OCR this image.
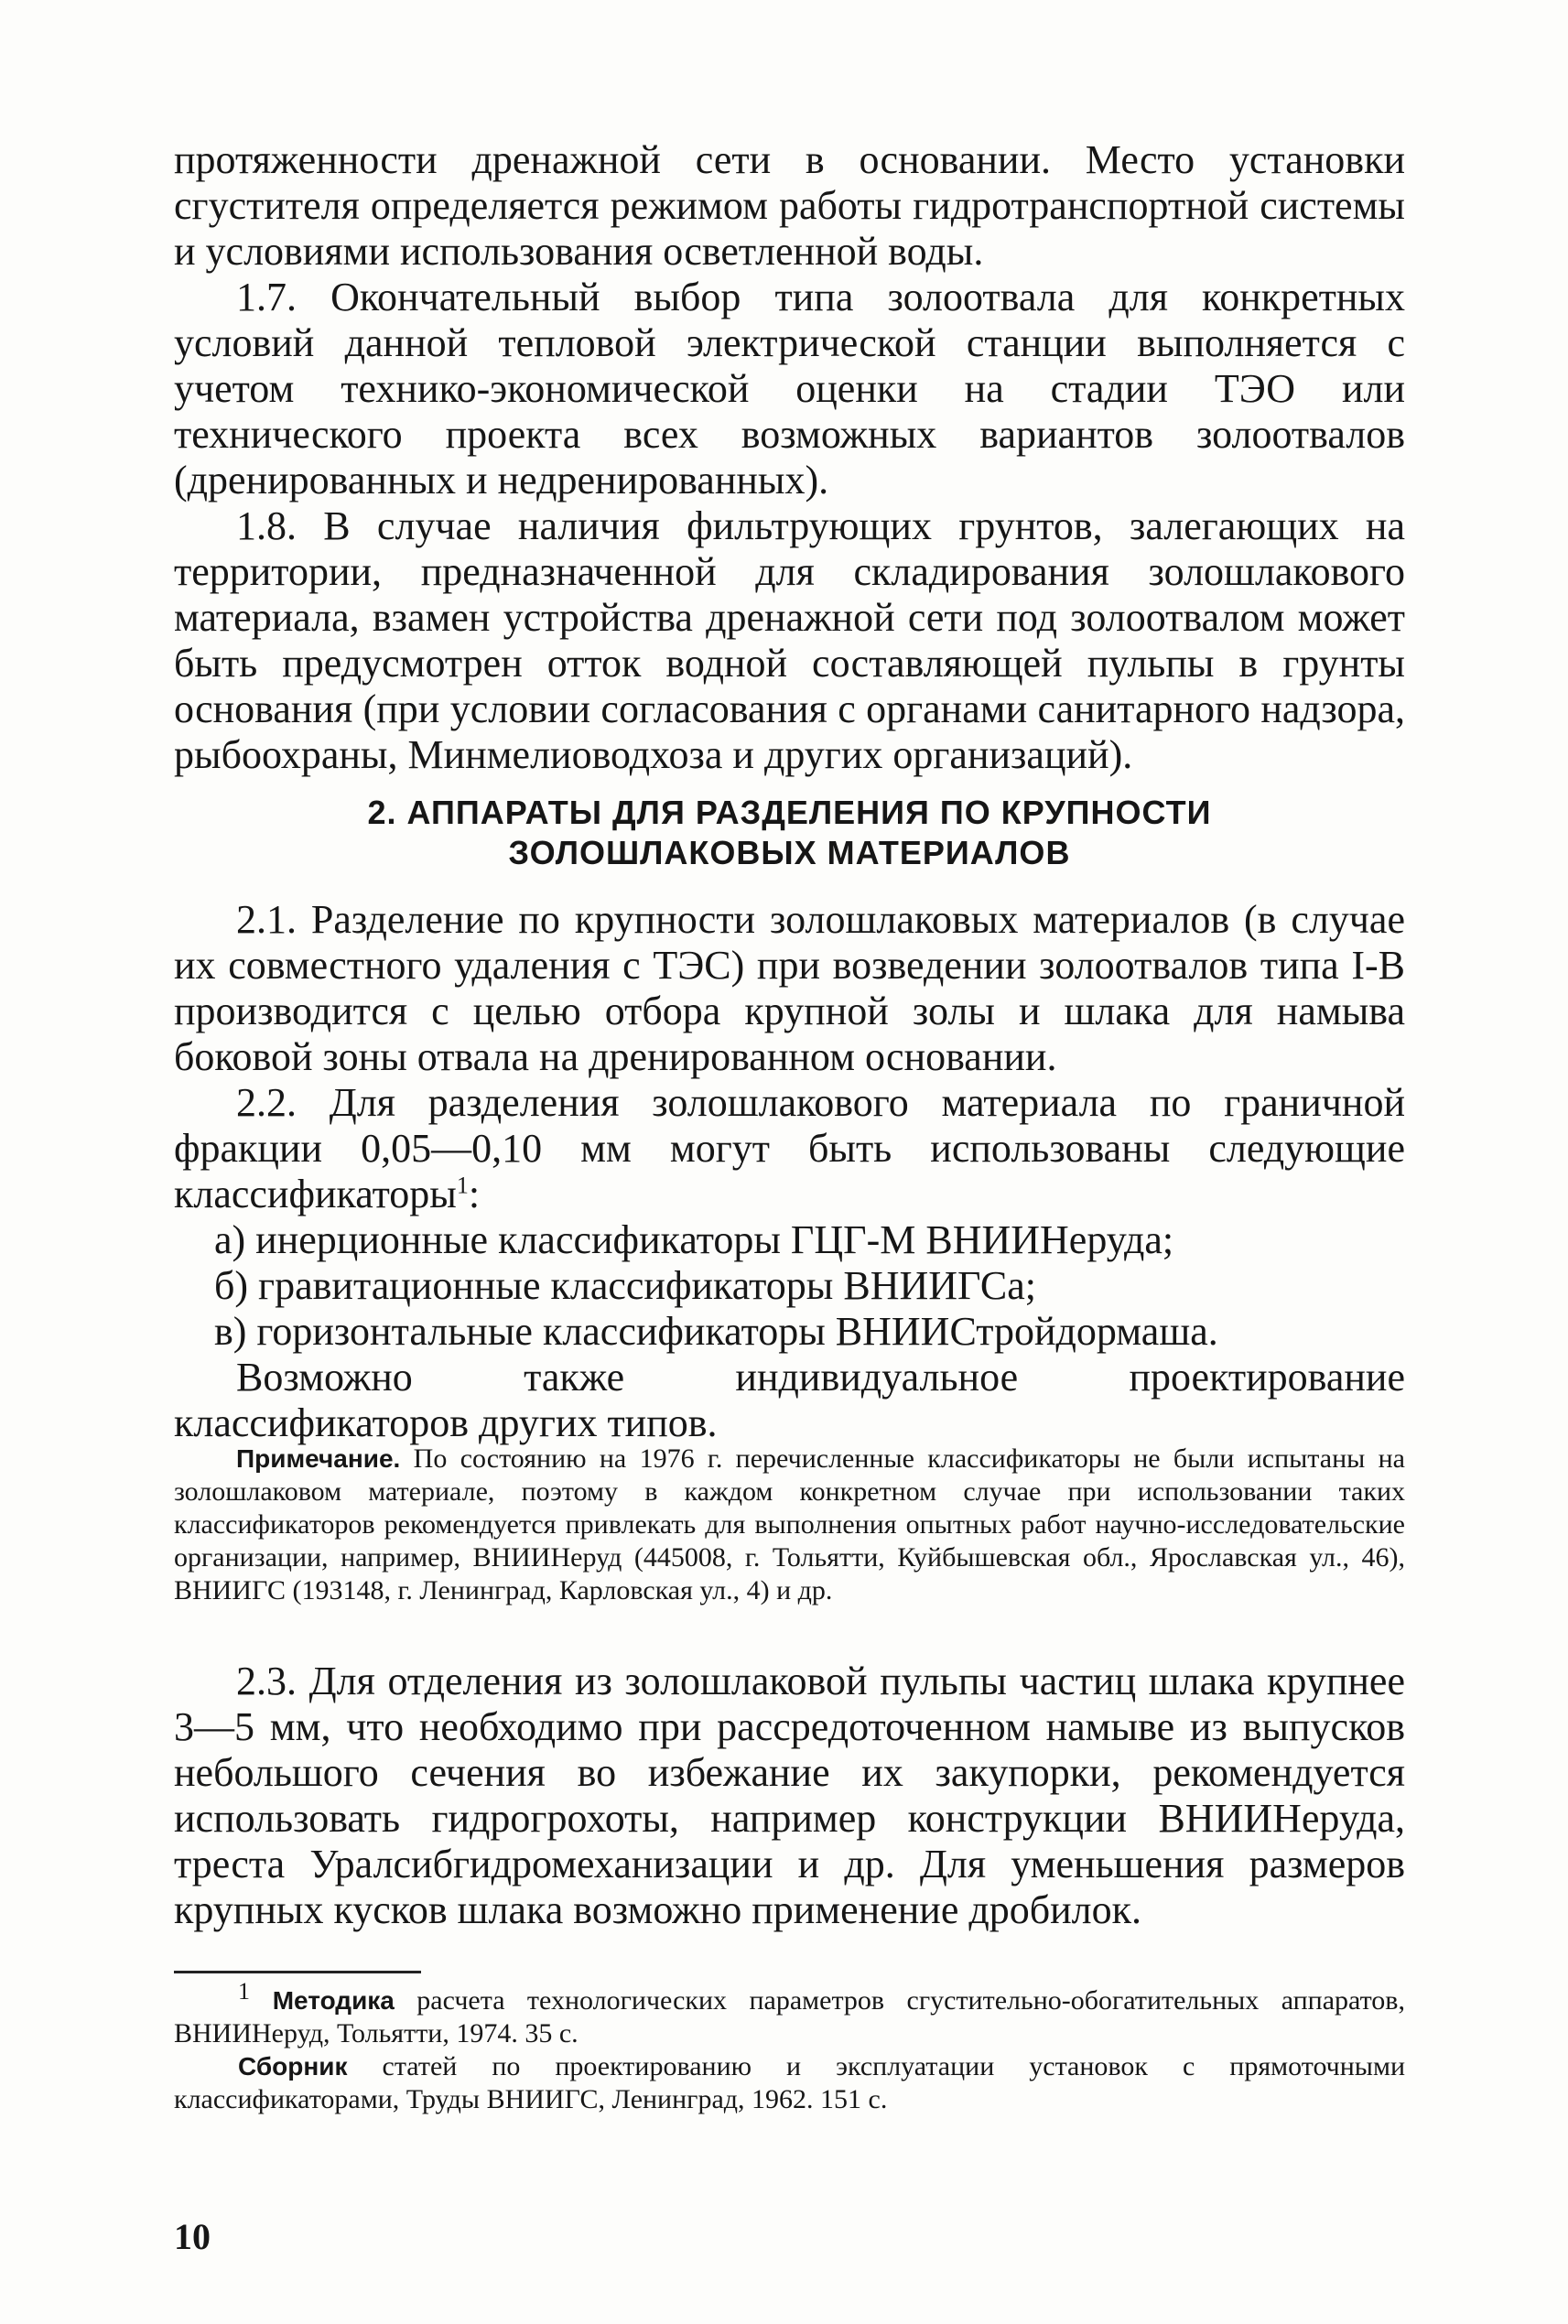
протяженности дренажной сети в основании. Место установки сгустителя определяется режимом работы гидротранспортной системы и условиями использования осветленной воды.

1.7. Окончательный выбор типа золоотвала для конкретных условий данной тепловой электрической станции выполняется с учетом технико-экономической оценки на стадии ТЭО или технического проекта всех возможных вариантов золоотвалов (дренированных и недренированных).

1.8. В случае наличия фильтрующих грунтов, залегающих на территории, предназначенной для складирования золошлакового материала, взамен устройства дренажной сети под золоотвалом может быть предусмотрен отток водной составляющей пульпы в грунты основания (при условии согласования с органами санитарного надзора, рыбоохраны, Минмелиоводхоза и других организаций).

2. АППАРАТЫ ДЛЯ РАЗДЕЛЕНИЯ ПО КРУПНОСТИ
ЗОЛОШЛАКОВЫХ МАТЕРИАЛОВ

2.1. Разделение по крупности золошлаковых материалов (в случае их совместного удаления с ТЭС) при возведении золоотвалов типа I-B производится с целью отбора крупной золы и шлака для намыва боковой зоны отвала на дренированном основании.

2.2. Для разделения золошлакового материала по граничной фракции 0,05—0,10 мм могут быть использованы следующие классификаторы$^1$:

а) инерционные классификаторы ГЦГ-М ВНИИНеруда;

б) гравитационные классификаторы ВНИИГСа;

в) горизонтальные классификаторы ВНИИСтройдормаша.

Возможно также индивидуальное проектирование классификаторов других типов.

Примечание. По состоянию на 1976 г. перечисленные классификаторы не были испытаны на золошлаковом материале, поэтому в каждом конкретном случае при использовании таких классификаторов рекомендуется привлекать для выполнения опытных работ научно-исследовательские организации, например, ВНИИНеруд (445008, г. Тольятти, Куйбышевская обл., Ярославская ул., 46), ВНИИГС (193148, г. Ленинград, Карловская ул., 4) и др.

2.3. Для отделения из золошлаковой пульпы частиц шлака крупнее 3—5 мм, что необходимо при рассредоточенном намыве из выпусков небольшого сечения во избежание их закупорки, рекомендуется использовать гидрогрохоты, например конструкции ВНИИНеруда, треста Уралсибгидромеханизации и др. Для уменьшения размеров крупных кусков шлака возможно применение дробилок.

$^1$ Методика расчета технологических параметров сгустительно-обогатительных аппаратов, ВНИИНеруд, Тольятти, 1974. 35 с.

Сборник статей по проектированию и эксплуатации установок с прямоточными классификаторами, Труды ВНИИГС, Ленинград, 1962. 151 с.

10
